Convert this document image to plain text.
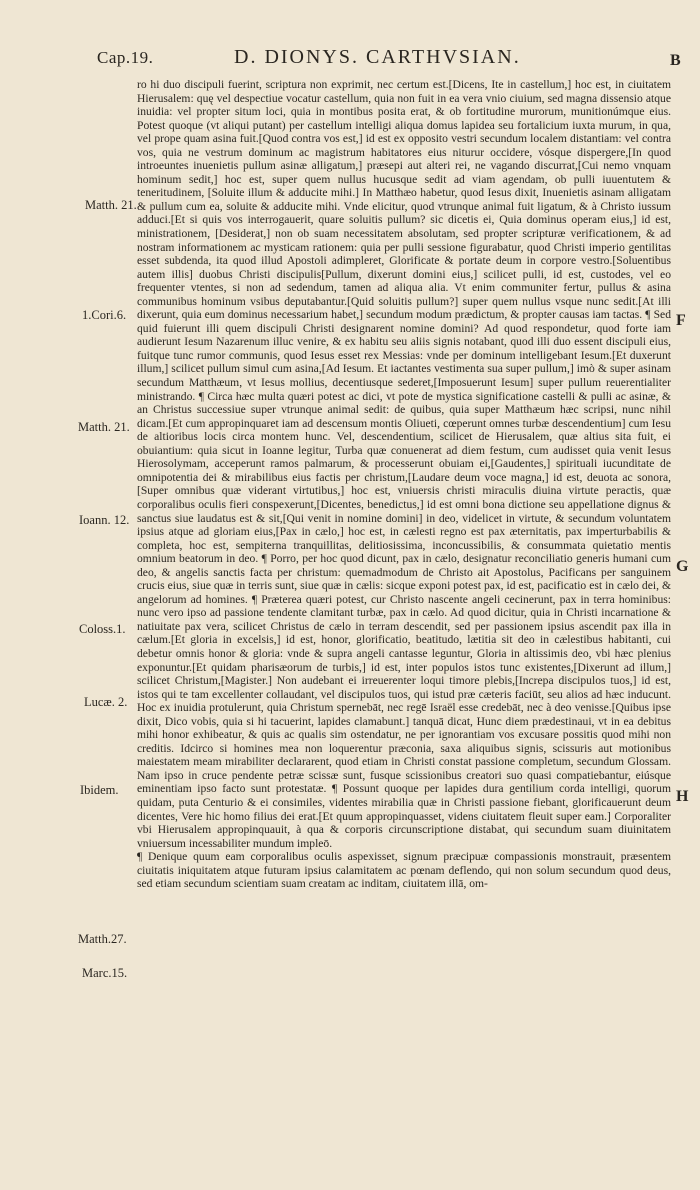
Cap.19.	D. DIONYS. CARTHVSIAN.	B

ro hi duo discipuli fuerint, scriptura non exprimit, nec certum est.[Dicens, Ite in castellum,] hoc est, in ciuitatem Hierusalem: quę vel despectiue vocatur castellum, quia non fuit in ea vera vnio ciuium, sed magna dissensio atque inuidia: vel propter situm loci, quia in montibus posita erat, & ob fortitudine murorum, munitionúmque eius. Potest quoque (vt aliqui putant) per castellum intelligi aliqua domus lapidea seu fortalicium iuxta murum, in qua, vel prope quam asina fuit.[Quod contra vos est,] id est ex opposito vestri secundum localem distantiam: vel contra vos, quia ne vestrum dominum ac magistrum habitatores eius niturur occidere, vósque dispergere,[In quod introeuntes inuenietis pullum asinæ alligatum,] præsepi aut alteri rei, ne vagando discurrat,[Cui nemo vnquam hominum sedit,] hoc est, super quem nullus hucusque sedit ad viam agendam, ob pulli iuuentutem & teneritudinem, [Soluite illum & adducite mihi.] In Matthæo habetur, quod Iesus dixit, Inuenietis asinam alligatam & pullum cum ea, soluite & adducite mihi. Vnde elicitur, quod vtrunque animal fuit ligatum, & à Christo iussum adduci.[Et si quis vos interrogauerit, quare soluitis pullum? sic dicetis ei, Quia dominus operam eius,] id est, ministrationem, [Desiderat,] non ob suam necessitatem absolutam, sed propter scripturæ verificationem, & ad nostram informationem ac mysticam rationem: quia per pulli sessione figurabatur, quod Christi imperio gentilitas esset subdenda, ita quod illud Apostoli adimpleret, Glorificate & portate deum in corpore vestro.[Soluentibus autem illis] duobus Christi discipulis[Pullum, dixerunt domini eius,] scilicet pulli, id est, custodes, vel eo frequenter vtentes, si non ad sedendum, tamen ad aliqua alia. Vt enim communiter fertur, pullus & asina communibus hominum vsibus deputabantur.[Quid soluitis pullum?] super quem nullus vsque nunc sedit.[At illi dixerunt, quia eum dominus necessarium habet,] secundum modum prædictum, & propter causas iam tactas. ¶ Sed quid fuierunt illi quem discipuli Christi designarent nomine domini? Ad quod respondetur, quod forte iam audierunt Iesum Nazarenum illuc venire, & ex habitu seu aliis signis notabant, quod illi duo essent discipuli eius, fuitque tunc rumor communis, quod Iesus esset rex Messias: vnde per dominum intelligebant Iesum.[Et duxerunt illum,] scilicet pullum simul cum asina,[Ad Iesum. Et iactantes vestimenta sua super pullum,] imò & super asinam secundum Matthæum, vt Iesus mollius, decentiusque sederet,[Imposuerunt Iesum] super pullum reuerentialiter ministrando. ¶ Circa hæc multa quæri potest ac dici, vt pote de mystica significatione castelli & pulli ac asinæ, & an Christus successiue super vtrunque animal sedit: de quibus, quia super Matthæum hæc scripsi, nunc nihil dicam.[Et cum appropinquaret iam ad descensum montis Oliueti, cœperunt omnes turbæ descendentium] cum Iesu de altioribus locis circa montem hunc. Vel, descendentium, scilicet de Hierusalem, quæ altius sita fuit, ei obuiantium: quia sicut in Ioanne legitur, Turba quæ conuenerat ad diem festum, cum audisset quia venit Iesus Hierosolymam, acceperunt ramos palmarum, & processerunt obuiam ei,[Gaudentes,] spirituali iucunditate de omnipotentia dei & mirabilibus eius factis per christum,[Laudare deum voce magna,] id est, deuota ac sonora,[Super omnibus quæ viderant virtutibus,] hoc est, vniuersis christi miraculis diuina virtute peractis, quæ corporalibus oculis fieri conspexerunt,[Dicentes, benedictus,] id est omni bona dictione seu appellatione dignus & sanctus siue laudatus est & sit,[Qui venit in nomine domini] in deo, videlicet in virtute, & secundum voluntatem ipsius atque ad gloriam eius,[Pax in cælo,] hoc est, in cælesti regno est pax æternitatis, pax imperturbabilis & completa, hoc est, sempiterna tranquillitas, delitiosissima, inconcussibilis, & consummata quietatio mentis omnium beatorum in deo. ¶ Porro, per hoc quod dicunt, pax in cælo, designatur reconciliatio generis humani cum deo, & angelis sanctis facta per christum: quemadmodum de Christo ait Apostolus, Pacificans per sanguinem crucis eius, siue quæ in terris sunt, siue quæ in cælis: sicque exponi potest pax, id est, pacificatio est in cælo dei, & angelorum ad homines. ¶ Præterea quæri potest, cur Christo nascente angeli cecinerunt, pax in terra hominibus: nunc vero ipso ad passione tendente clamitant turbæ, pax in cælo. Ad quod dicitur, quia in Christi incarnatione & natiuitate pax vera, scilicet Christus de cælo in terram descendit, sed per passionem ipsius ascendit pax illa in cælum.[Et gloria in excelsis,] id est, honor, glorificatio, beatitudo, lætitia sit deo in cælestibus habitanti, cui debetur omnis honor & gloria: vnde & supra angeli cantasse leguntur, Gloria in altissimis deo, vbi hæc plenius exponuntur.[Et quidam pharisæorum de turbis,] id est, inter populos istos tunc existentes,[Dixerunt ad illum,] scilicet Christum,[Magister.] Non audebant ei irreuerenter loqui timore plebis,[Increpa discipulos tuos,] id est, istos qui te tam excellenter collaudant, vel discipulos tuos, qui istud præ cæteris faciūt, seu alios ad hæc inducunt. Hoc ex inuidia protulerunt, quia Christum spernebāt, nec regē Israël esse credebāt, nec à deo venisse.[Quibus ipse dixit, Dico vobis, quia si hi tacuerint, lapides clamabunt.] tanquā dicat, Hunc diem prædestinaui, vt in ea debitus mihi honor exhibeatur, & quis ac qualis sim ostendatur, ne per ignorantiam vos excusare possitis quod mihi non creditis. Idcirco si homines mea non loquerentur præconia, saxa aliquibus signis, scissuris aut motionibus maiestatem meam mirabiliter declararent, quod etiam in Christi constat passione completum, secundum Glossam. Nam ipso in cruce pendente petræ scissæ sunt, fusque scissionibus creatori suo quasi compatiebantur, eiúsque eminentiam ipso facto sunt protestatæ. ¶ Possunt quoque per lapides dura gentilium corda intelligi, quorum quidam, puta Centurio & ei consimiles, videntes mirabilia quæ in Christi passione fiebant, glorificauerunt deum dicentes, Vere hic homo filius dei erat.[Et quum appropinquasset, videns ciuitatem fleuit super eam.] Corporaliter vbi Hierusalem appropinquauit, à qua & corporis circunscriptione distabat, qui secundum suam diuinitatem vniuersum incessabiliter mundum impleō.

¶ Denique quum eam corporalibus oculis aspexisset, signum præcipuæ compassionis monstrauit, præsentem ciuitatis iniquitatem atque futuram ipsius calamitatem ac pœnam deflendo, qui non solum secundum quod deus, sed etiam secundum scientiam suam creatam ac inditam, ciuitatem illā, om-

Matth. 21.
1.Cori.6.
Matth. 21.
Ioann. 12.
Coloss.1.
Lucæ. 2.
Ibidem.
Matth.27.
Marc.15.
F
G
H
